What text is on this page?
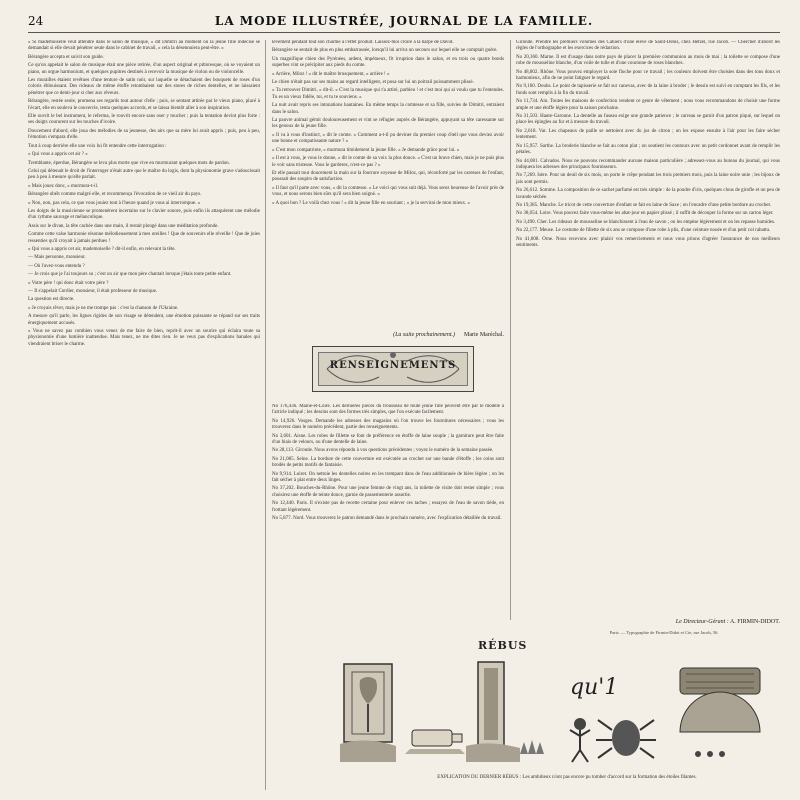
24	LA MODE ILLUSTRÉE, JOURNAL DE LA FAMILLE.

« Si mademoiselle veut attendre dans le salon de musique, » dit Dimitri au moment où la jeune fille indécise se demandait si elle devait pénétrer seule dans le cabinet de travail, « cela la désennuiera peut-être. »

Bérangère accepta et suivit son guide.

Ce qu'on appelait le salon de musique était une pièce retirée, d'un aspect original et pittoresque, où se voyaient un piano, un orgue harmonium, et quelques pupitres destinés à recevoir la musique de violon ou de violoncelle.

Les murailles étaient revêtues d'une tenture de satin noir, sur laquelle se détachaient des bouquets de roses d'un coloris éblouissant. Des rideaux de même étoffe retombaient sur des stores de riches dentelles, et ne laissaient pénétrer que ce demi-jour si cher aux rêveurs.

Bérangère, restée seule, promena ses regards tout autour d'elle ; puis, se sentant attirée par le vieux piano, placé à l'écart, elle en souleva le couvercle, tenta quelques accords, et se laissa bientôt aller à son inspiration.

Elle ouvrit le bel instrument, le referma, le rouvrit encore sans oser y toucher ; puis la tentation devint plus forte : ses doigts coururent sur les touches d'ivoire.

Doucement d'abord, elle joua des mélodies de sa jeunesse, des airs que sa mère lui avait appris ; puis, peu à peu, l'émotion s'empara d'elle.

Tout à coup derrière elle une voix lui fit entendre cette interrogation :

« Qui vous a appris cet air ? »

Tremblante, éperdue, Bérangère se leva plus morte que vive en murmurant quelques mots de pardon.

Celui qui détenait le droit de l'interroger n'était autre que le maître du logis, dont la physionomie grave s'adoucissait peu à peu à mesure qu'elle parlait.

« Mais jouez donc, » murmura-t-il.

Bérangère obéit comme malgré elle, et recommença l'évocation de ce vieil air du pays.

« Non, non, pas cela, ce que vous jouiez tout à l'heure quand je vous ai interrompue. »

Les doigts de la musicienne se promenèrent incertains sur le clavier sonore, puis enfin ils attaquèrent une mélodie d'un rythme sauvage et mélancolique.

Assis sur le divan, la tête cachée dans une main, il restait plongé dans une méditation profonde.

Comme cette valse harmonie résonne mélodieusement à mes oreilles ! Que de souvenirs elle réveille ! Que de joies ressenties qu'il croyait à jamais perdues !

« Qui vous a appris cet air, mademoiselle ? dit-il enfin, en relevant la tête.

— Mais personne, monsieur.

— Où l'avez-vous entendu ?

— Je crois que je l'ai toujours su ; c'est un air que mon père chantait lorsque j'étais toute petite enfant.

« Votre père ! qui donc était votre père ?

— Il s'appelait Cordier, monsieur, il était professeur de musique.

La question est directe.

« Je croyais rêver, mais je ne me trompe pas : c'est la chanson de l'Ukraine.

A mesure qu'il parle, les lignes rigides de son visage se détendent, une émotion puissante se répand sur ses traits énergiquement accusés.

« Vous ne savez pas combien vous venez de me faire de bien, reprit-il avec un sourire qui éclaira toute sa physionomie d'une lumière inattendue. Mais tenez, ne me dites rien. Je ne veux pas d'explications banales qui viendraient briser le charme.

lèvement pendant tout son charme à l'effet produit. Laissez-moi croire à la harpe de David.

Bérangère se sentait de plus en plus embarrassée, lorsqu'il lui arriva un secours sur lequel elle ne comptait guère.

Un magnifique chien des Pyrénées, ardent, impétueux, fit irruption dans le salon, et en trois ou quatre bonds superbes vint se précipiter aux pieds du comte.

« Arrière, Miloz ! » dit le maître brusquement, « arrière ! »

Le chien n'était pas sur ses mains au regard intelligent, et posa sur lui un poitrail puissamment plissé.

« Ta retrouver Dimitri, » dit-il. « C'est la musique qui t'a attiré, parbleu ! et c'est moi qui ai voulu que tu l'entendes. Tu es un vieux fidèle, toi, et tu te souviens. »

La nuit avait repris ses intonations hautaines. En même temps la comtesse et sa fille, suivies de Dimitri, entraient dans le salon.

La pauvre animal gémit douloureusement et vint se réfugier auprès de Bérangère, appuyant sa tête caressante sur les genoux de la jeune fille.

« Il va à vous d'instinct, » dit le comte. « Comment a-t-il pu deviner du premier coup d'œil que vous deviez avoir une bonne et compatissante nature ? »

« C'est mon compatriote, » murmura timidement la jeune fille. « Je demande grâce pour lui. »

« Il est à vous, je vous le donne, » dit le comte de sa voix la plus douce. « C'est un brave chien, mais je ne puis plus le voir sans tristesse. Vous le garderez, n'est-ce pas ? »

Et elle passait tout doucement la main sur la fourrure soyeuse de Miloz, qui, réconforté par les caresses de l'enfant, poussait des soupirs de satisfaction.

« Il faut qu'il parte avec vous, » dit la comtesse. « Le voici qui vous suit déjà. Vous serez heureuse de l'avoir près de vous, et nous serons bien sûrs qu'il sera bien soigné. »

« A quoi bon ? Le voilà chez vous ! » dit la jeune fille en souriant ; « je la servirai de mon mieux. »

(La suite prochainement.) Marie Maréchal.
RENSEIGNEMENTS

No 176,436. Maine-et-Loire. Les dernières pièces du trousseau de toute jeune fille peuvent être par le modèle à l'article indiqué ; les dessins sont des formes très simples, que l'on exécute facilement.

No 14,926. Vosges. Demande les adresses des magasins où l'on trouve les fournitures nécessaires ; vous les trouverez dans le numéro précédent, partie des renseignements.

No 3,601. Aisne. Les robes de fillette se font de préférence en étoffe de laine souple ; la garniture peut être faite d'un biais de velours, ou d'une dentelle de laine.

No 28,113. Gironde. Nous avons répondu à vos questions précédentes ; voyez le numéro de la semaine passée.

No 21,085. Seine. La bordure de cette couverture est exécutée au crochet sur une bande d'étoffe ; les coins sont brodés de petits motifs de fantaisie.

No 9,914. Loiret. On nettoie les dentelles noires en les trempant dans de l'eau additionnée de bière légère ; on les fait sécher à plat entre deux linges.

No 37,202. Bouches-du-Rhône. Pour une jeune femme de vingt ans, la toilette de visite doit rester simple ; vous choisirez une étoffe de teinte douce, garnie de passementerie assortie.

No 12,440. Paris. Il n'existe pas de recette certaine pour enlever ces taches ; essayez de l'eau de savon tiède, en frottant légèrement.

No 5,877. Nord. Vous trouverez le patron demandé dans le prochain numéro, avec l'explication détaillée du travail.

Gironde. Prendre les premiers volumes des Cahiers d'une élève de Saint-Denis, chez Hetzel, rue Jacob. — Chercher d'abord les règles de l'orthographe et les exercices de rédaction.

No 20,360. Marne. Il est d'usage dans notre pays de placer la première communion au mois de mai ; la toilette se compose d'une robe de mousseline blanche, d'un voile de tulle et d'une couronne de roses blanches.

No 48,802. Rhône. Vous pouvez employer la soie floche pour ce travail ; les couleurs doivent être choisies dans des tons doux et harmonieux, afin de ne point fatiguer le regard.

No 9,160. Doubs. Le point de tapisserie se fait sur canevas, avec de la laine à broder ; le dessin est suivi en comptant les fils, et les fonds sont remplis à la fin du travail.

No 11,734. Ain. Toutes les maisons de confection vendent ce genre de vêtement ; nous vous recommandons de choisir une forme ample et une étoffe légère pour la saison prochaine.

No 31,503. Haute-Garonne. La dentelle au fuseau exige une grande patience ; le carreau se garnit d'un patron piqué, sur lequel on place les épingles au fur et à mesure du travail.

No 2,618. Var. Les chapeaux de paille se nettoient avec du jus de citron ; on les expose ensuite à l'air pour les faire sécher lentement.

No 15,957. Sarthe. La broderie blanche se fait au coton plat ; on soutient les contours avec un petit cordonnet avant de remplir les pétales.

No 44,081. Calvados. Nous ne pouvons recommander aucune maison particulière ; adressez-vous au bureau du journal, qui vous indiquera les adresses des principaux fournisseurs.

No 7,269. Isère. Pour un deuil de six mois, on porte le crêpe pendant les trois premiers mois, puis la laine noire unie ; les bijoux de jais sont permis.

No 26,612. Somme. La composition de ce sachet parfumé est très simple : de la poudre d'iris, quelques clous de girofle et un peu de lavande séchée.

No 19,385. Manche. Le tricot de cette couverture d'enfant se fait en laine de Saxe ; on l'encadre d'une petite bordure au crochet.

No 38,054. Loire. Vous pouvez faire vous-même les abat-jour en papier plissé ; il suffit de découper la forme sur un carton léger.

No 3,490. Cher. Les rideaux de mousseline se blanchissent à l'eau de savon ; on les empèse légèrement et on les repasse humides.

No 22,177. Meuse. Le costume de fillette de six ans se compose d'une robe à plis, d'une ceinture nouée et d'un petit col rabattu.

No 41,808. Orne. Nous recevons avec plaisir vos remerciements et nous vous prions d'agréer l'assurance de nos meilleurs sentiments.

Le Directeur-Gérant : A. FIRMIN-DIDOT.
Paris. — Typographie de Firmin-Didot et Cie, rue Jacob, 56.
RÉBUS
qu'1
EXPLICATION DU DERNIER RÉBUS : Les ambitieux n'ont pas encore pu tomber d'accord sur la formation des étoiles filantes.
